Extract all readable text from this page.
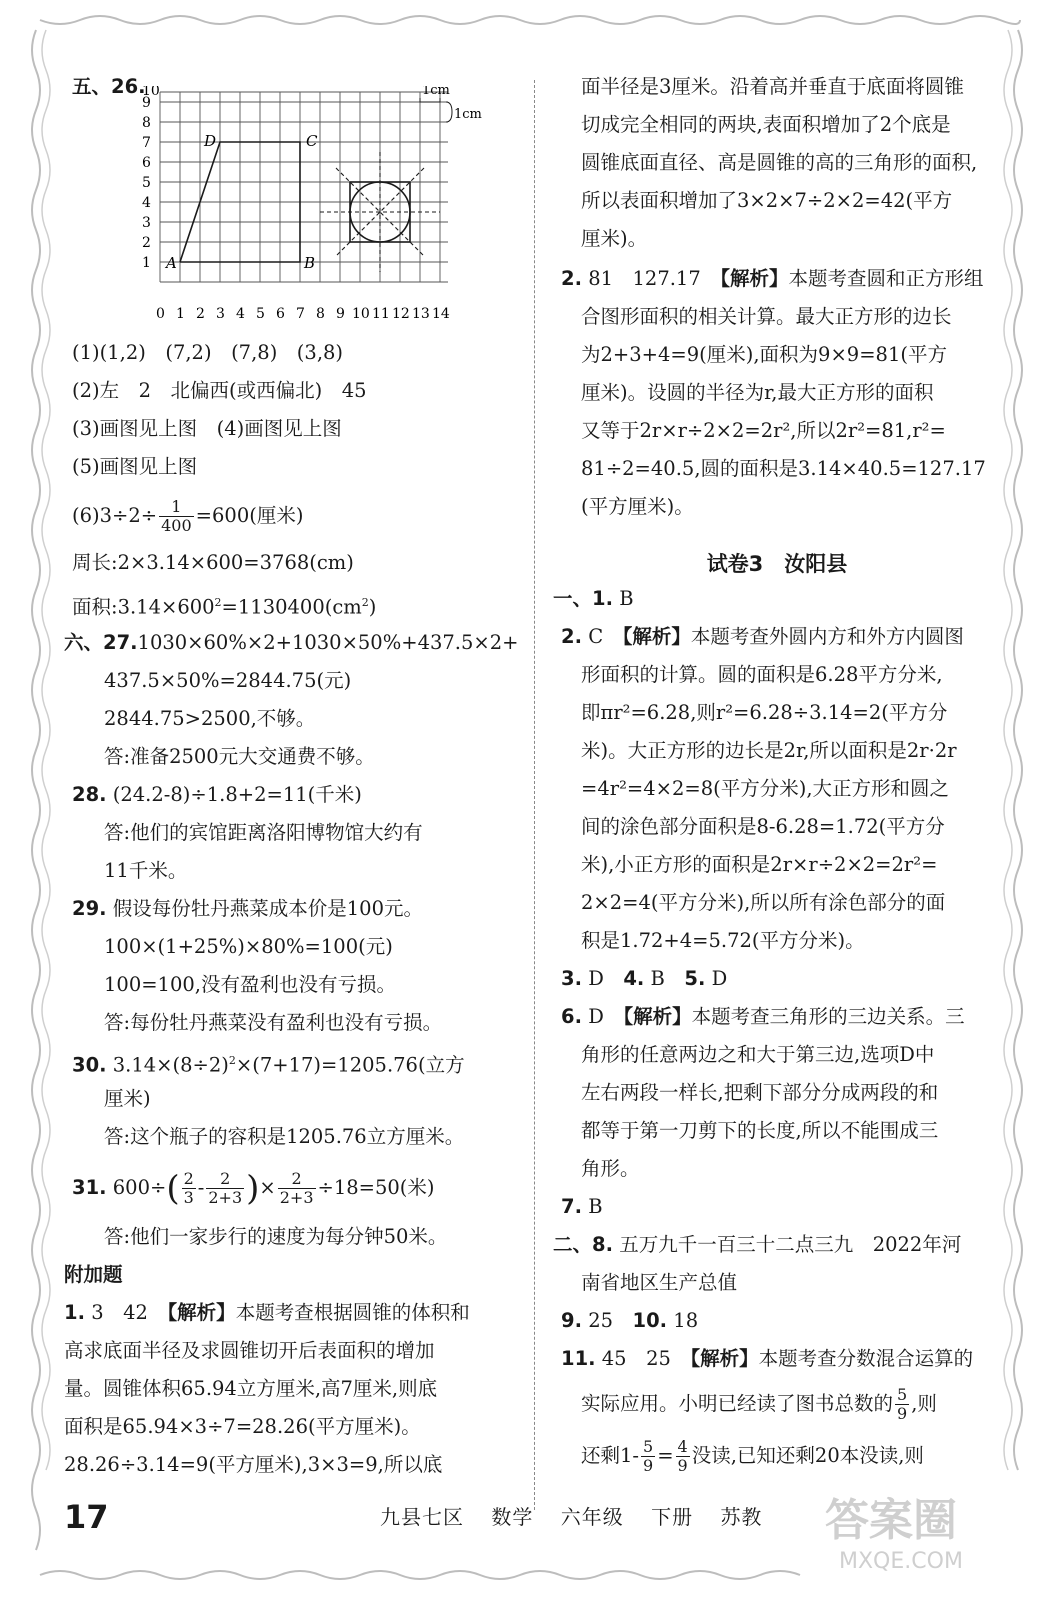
A	B
C
D
1cm
1cm
10
9
8
7
6
5
4
3
2
1
0 1 2 3 4 5 6 7 8 9 10 11 12 13 14
五、26.
(1)(1,2)　(7,2)　(7,8)　(3,8)
(2)左　2　北偏西(或西偏北)　45
(3)画图见上图　(4)画图见上图
(5)画图见上图
$(6)3\div 2\div \frac{1}{400} =600$(厘米)
周长:2×3.14×600=3768(cm)
面积$:3.14\times 600^2=1130400(cm^2)$
六、27.1030×60%×2+1030×50%+437.5×2+
437.5×50%=2844.75(元)
2844.75>2500,不够。
答:准备2500元大交通费不够。
28. (24.2-8)÷1.8+2=11(千米)
答:他们的宾馆距离洛阳博物馆大约有
11千米。
29. 假设每份牡丹燕菜成本价是100元。
100×(1+25%)×80%=100(元)
100=100,没有盈利也没有亏损。
答:每份牡丹燕菜没有盈利也没有亏损。
30. $3.14\times(8\div 2)^2\times(7+17)=1205.76$(立方
厘米)
答:这个瓶子的容积是1205.76立方厘米。
31. $600\div( \frac{2}{3} - \frac{2}{2+3}$ )× $\frac{2}{2+3} \div 18=50$(米)
答:他们一家步行的速度为每分钟50米。
附加题
1. 3　42　【解析】本题考查根据圆锥的体积和
高求底面半径及求圆锥切开后表面积的增加
量。圆锥体积65.94立方厘米,高7厘米,则底
面积是65.94×3÷7=28.26(平方厘米)。
28.26÷3.14=9(平方厘米),3×3=9,所以底
面半径是3厘米。沿着高并垂直于底面将圆锥
切成完全相同的两块,表面积增加了2个底是
圆锥底面直径、高是圆锥的高的三角形的面积,
所以表面积增加了3×2×7÷2×2=42(平方
厘米)。
2. 81　127.17　【解析】本题考查圆和正方形组
合图形面积的相关计算。最大正方形的边长
为2+3+4=9(厘米),面积为9×9=81(平方
厘米)。设圆的半径为r,最大正方形的面积
又等于2r×r÷2×2=2r²,所以2r²=81,r²=
81÷2=40.5,圆的面积是3.14×40.5=127.17
(平方厘米)。
一、1. B
2. C　【解析】本题考查外圆内方和外方内圆图
形面积的计算。圆的面积是6.28平方分米,
即πr²=6.28,则r²=6.28÷3.14=2(平方分
米)。大正方形的边长是2r,所以面积是2r·2r
=4r²=4×2=8(平方分米),大正方形和圆之
间的涂色部分面积是8-6.28=1.72(平方分
米),小正方形的面积是2r×r÷2×2=2r²=
2×2=4(平方分米),所以所有涂色部分的面
积是1.72+4=5.72(平方分米)。
3. D　 4. B　 5. D
6. D　【解析】本题考查三角形的三边关系。三
角形的任意两边之和大于第三边,选项D中
左右两段一样长,把剩下部分分成两段的和
都等于第一刀剪下的长度,所以不能围成三
角形。
7. B
二、8. 五万九千一百三十二点三九　2022年河
南省地区生产总值
9. 25　 10. 18
11. 45　25　【解析】本题考查分数混合运算的
实际应用。小明已经读了图书总数的 $\frac{5}{9}$ ,则
还剩$1- \frac{5}{9} = \frac{4}{9}$ 没读,已知还剩20本没读,则
试卷3　汝阳县
17	九县七区 数学 六年级 下册 苏教	答案圈
MXQE.COM
